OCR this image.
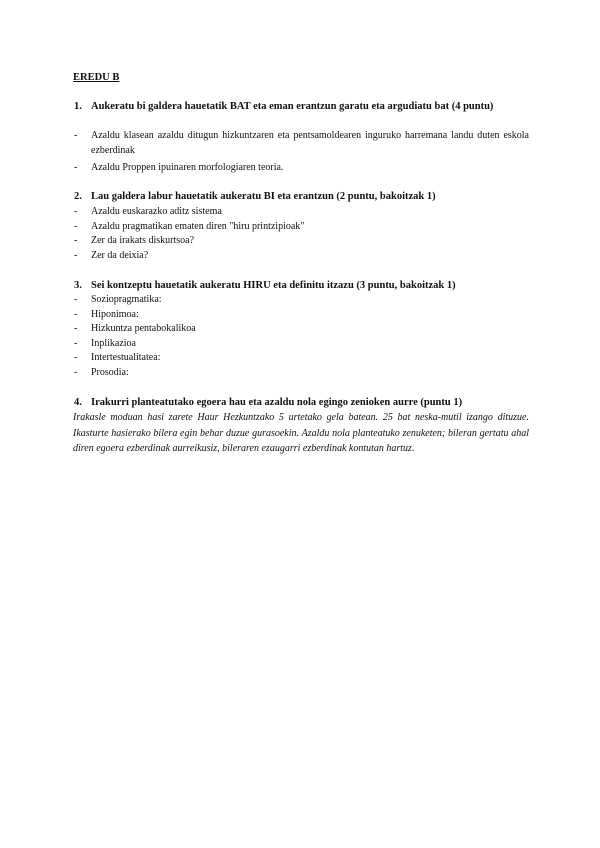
EREDU B
1. Aukeratu bi galdera hauetatik BAT eta eman erantzun garatu eta argudiatu bat (4 puntu)
- Azaldu klasean azaldu ditugun hizkuntzaren eta pentsamoldearen inguruko harremana landu duten eskola ezberdinak
- Azaldu Proppen ipuinaren morfologiaren teoria.
2. Lau galdera labur hauetatik aukeratu BI eta erantzun (2 puntu, bakoitzak 1)
- Azaldu euskarazko aditz sistema
- Azaldu pragmatikan ematen diren "hiru printzipioak"
- Zer da irakats diskurtsoa?
- Zer da deixia?
3. Sei kontzeptu hauetatik aukeratu HIRU eta definitu itzazu (3 puntu, bakoitzak 1)
- Soziopragmatika:
- Hiponimoa:
- Hizkuntza pentabokalikoa
- Inplikazioa
- Intertestualitatea:
- Prosodia:
4. Irakurri planteatutako egoera hau eta azaldu nola egingo zenioken aurre (puntu 1)
Irakasle moduan hasi zarete Haur Hezkuntzako 5 urtetako gela batean. 25 bat neska-mutil izango dituzue. Ikasturte hasierako bilera egin behar duzue gurasoekin. Azaldu nola planteatuko zenuketen; bileran gertatu ahal diren egoera ezberdinak aurreikusiz, bileraren ezaugarri ezberdinak kontutan hartuz.
